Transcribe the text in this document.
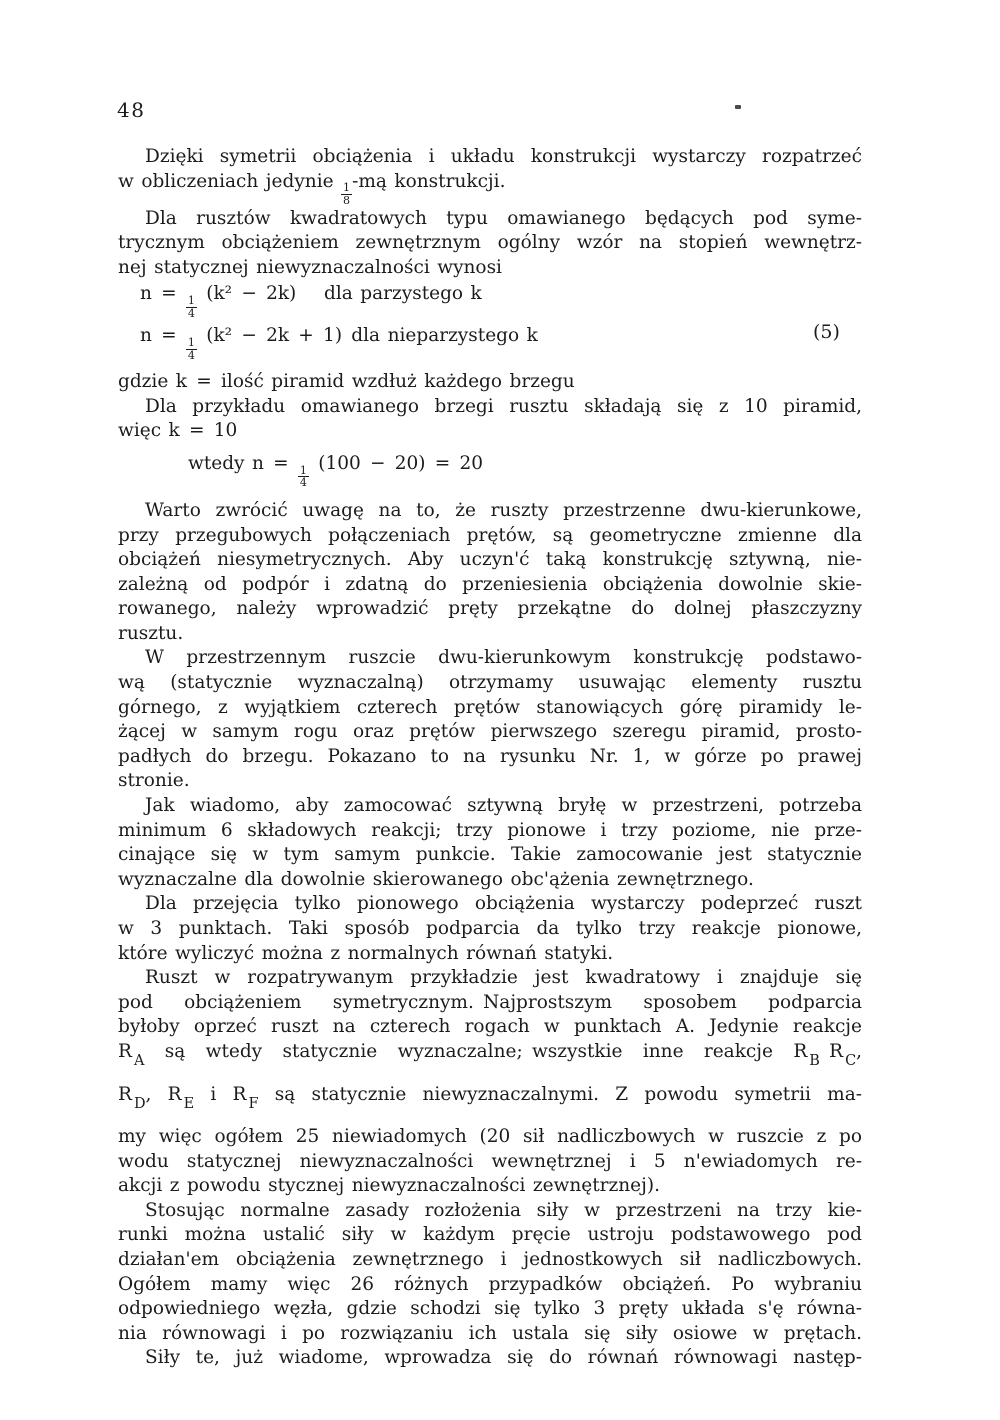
48
Dzięki symetrii obciążenia i układu konstrukcji wystarczy rozpatrzeć
w obliczeniach jedynie
$\frac{1}{8}$
-mą konstrukcji.
Dla rusztów kwadratowych typu omawianego będących pod syme-
trycznym obciążeniem zewnętrznym ogólny wzór na stopień wewnętrz-
nej statycznej niewyznaczalności wynosi
n = 
$\frac{1}{4}$
 (k² − 2k)  dla parzystego k
n = 
$\frac{1}{4}$
 (k² − 2k + 1) dla nieparzystego k	(5)
gdzie k = ilość piramid wzdłuż każdego brzegu
Dla przykładu omawianego brzegi rusztu składają się z 10 piramid,
więc k = 10
wtedy n = 
$\frac{1}{4}$
 (100 − 20) = 20
Warto zwrócić uwagę na to, że ruszty przestrzenne dwu-kierunkowe,
przy przegubowych połączeniach prętów, są geometryczne zmienne dla
obciążeń niesymetrycznych. Aby uczyn'ć taką konstrukcję sztywną, nie-
zależną od podpór i zdatną do przeniesienia obciążenia dowolnie skie-
rowanego, należy wprowadzić pręty przekątne do dolnej płaszczyzny
rusztu.
W przestrzennym ruszcie dwu-kierunkowym konstrukcję podstawo-
wą (statycznie wyznaczalną) otrzymamy usuwając elementy rusztu
górnego, z wyjątkiem czterech prętów stanowiących górę piramidy le-
żącej w samym rogu oraz prętów pierwszego szeregu piramid, prosto-
padłych do brzegu. Pokazano to na rysunku Nr. 1, w górze po prawej
stronie.
Jak wiadomo, aby zamocować sztywną bryłę w przestrzeni, potrzeba
minimum 6 składowych reakcji; trzy pionowe i trzy poziome, nie prze-
cinające się w tym samym punkcie. Takie zamocowanie jest statycznie
wyznaczalne dla dowolnie skierowanego obc'ążenia zewnętrznego.
Dla przejęcia tylko pionowego obciążenia wystarczy podeprzeć ruszt
w 3 punktach. Taki sposób podparcia da tylko trzy reakcje pionowe,
które wyliczyć można z normalnych równań statyki.
Ruszt w rozpatrywanym przykładzie jest kwadratowy i znajduje się
pod obciążeniem symetrycznym. Najprostszym sposobem podparcia
byłoby oprzeć ruszt na czterech rogach w punktach A. Jedynie reakcje
R $_A$ są wtedy statycznie wyznaczalne; wszystkie inne reakcje R $_B$ R $_C$,
R $_D$, R $_E$ i R $_F$ są statycznie niewyznaczalnymi. Z powodu symetrii ma-
my więc ogółem 25 niewiadomych (20 sił nadliczbowych w ruszcie z po
wodu statycznej niewyznaczalności wewnętrznej i 5 n'ewiadomych re-
akcji z powodu stycznej niewyznaczalności zewnętrznej).
Stosując normalne zasady rozłożenia siły w przestrzeni na trzy kie-
runki można ustalić siły w każdym pręcie ustroju podstawowego pod
działan'em obciążenia zewnętrznego i jednostkowych sił nadliczbowych.
Ogółem mamy więc 26 różnych przypadków obciążeń. Po wybraniu
odpowiedniego węzła, gdzie schodzi się tylko 3 pręty układa s'ę równa-
nia równowagi i po rozwiązaniu ich ustala się siły osiowe w prętach.
Siły te, już wiadome, wprowadza się do równań równowagi następ-
